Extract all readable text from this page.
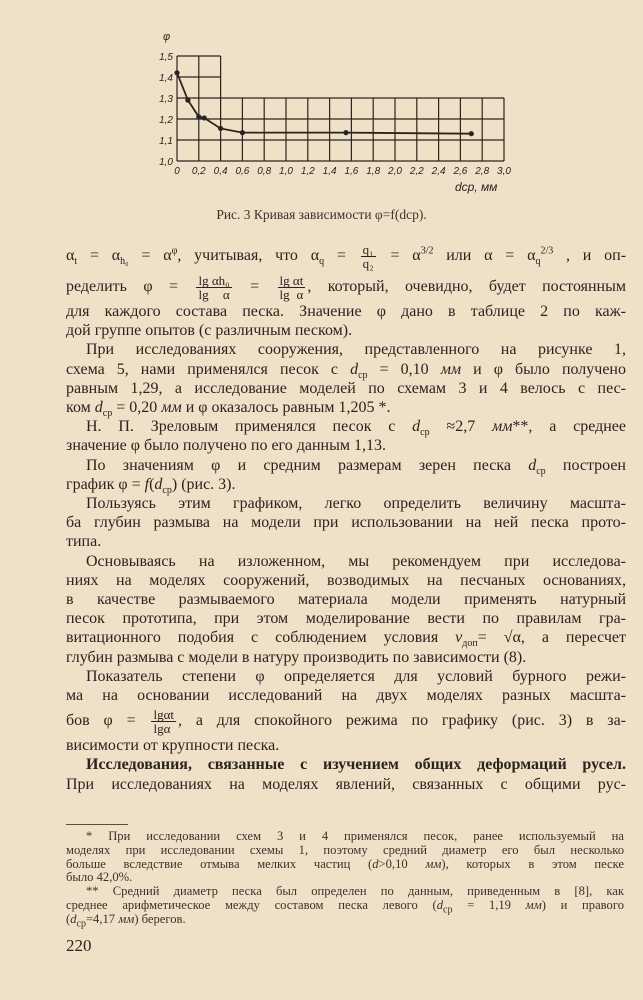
0 0,2 0,4 0,6 0,8 1,0 1,2 1,4 1,6 1,8 2,0 2,2 2,4 2,6 2,8 3,0
1,0
1,1
1,2
1,3
1,4
1,5
φ
dср, мм
Рис. 3 Кривая зависимости φ=f(dср).
$\alpha_t = \alpha_{h_0} = \alpha^\varphi$, учитывая, что $\alpha_q = \frac{\text{q₁}}{\text{q₂}} = \alpha^{3/2}$ или $\alpha = \alpha_q^{2/3}$ , и оп-
ределить $\varphi = \frac{\text{lg αh₀}}{\text{lg α}} = \frac{\text{lg αt}}{\text{lg α}}$ , который, очевидно, будет постоянным
для каждого состава песка. Значение φ дано в таблице 2 по каж-
дой группе опытов (с различным песком).
При исследованиях сооружения, представленного на рисунке 1,
схема 5, нами применялся песок с $d_{ср} = 0,10$ мм и φ было получено
равным 1,29, а исследование моделей по схемам 3 и 4 велось с пес-
ком $d_{ср} = 0,20$ мм и φ оказалось равным 1,205 *.
Н. П. Зреловым применялся песок с $d_{ср} \approx 2,7$ мм**, а среднее
значение φ было получено по его данным 1,13.
По значениям φ и средним размерам зерен песка $d_{ср}$ построен
график $\varphi = f(d_{ср})$ (рис. 3).
Пользуясь этим графиком, легко определить величину масшта-
ба глубин размыва на модели при использовании на ней песка прото-
типа.
Основываясь на изложенном, мы рекомендуем при исследова-
ниях на моделях сооружений, возводимых на песчаных основаниях,
в качестве размываемого материала модели применять натурный
песок прототипа, при этом моделирование вести по правилам гра-
витационного подобия с соблюдением условия $v_{доп}= √\alpha$, а пересчет
глубин размыва с модели в натуру производить по зависимости (8).
Показатель степени φ определяется для условий бурного режи-
ма на основании исследований на двух моделях разных масшта-
бов $\varphi = \frac{\lg\alpha t}{\lg\alpha}$ , а для спокойного режима по графику (рис. 3) в за-
висимости от крупности песка.
Исследования, связанные с изучением общих деформаций русел.
При исследованиях на моделях явлений, связанных с общими рус-
* При исследовании схем 3 и 4 применялся песок, ранее используемый на
моделях при исследовании схемы 1, поэтому средний диаметр его был несколько
больше вследствие отмыва мелких частиц (d>0,10 мм), которых в этом песке
было 42,0%.
** Средний диаметр песка был определен по данным, приведенным в [8], как
среднее арифметическое между составом песка левого ($d_{ср} = 1,19$ мм) и правого
($d_{ср}=4,17$ мм) берегов.
220
